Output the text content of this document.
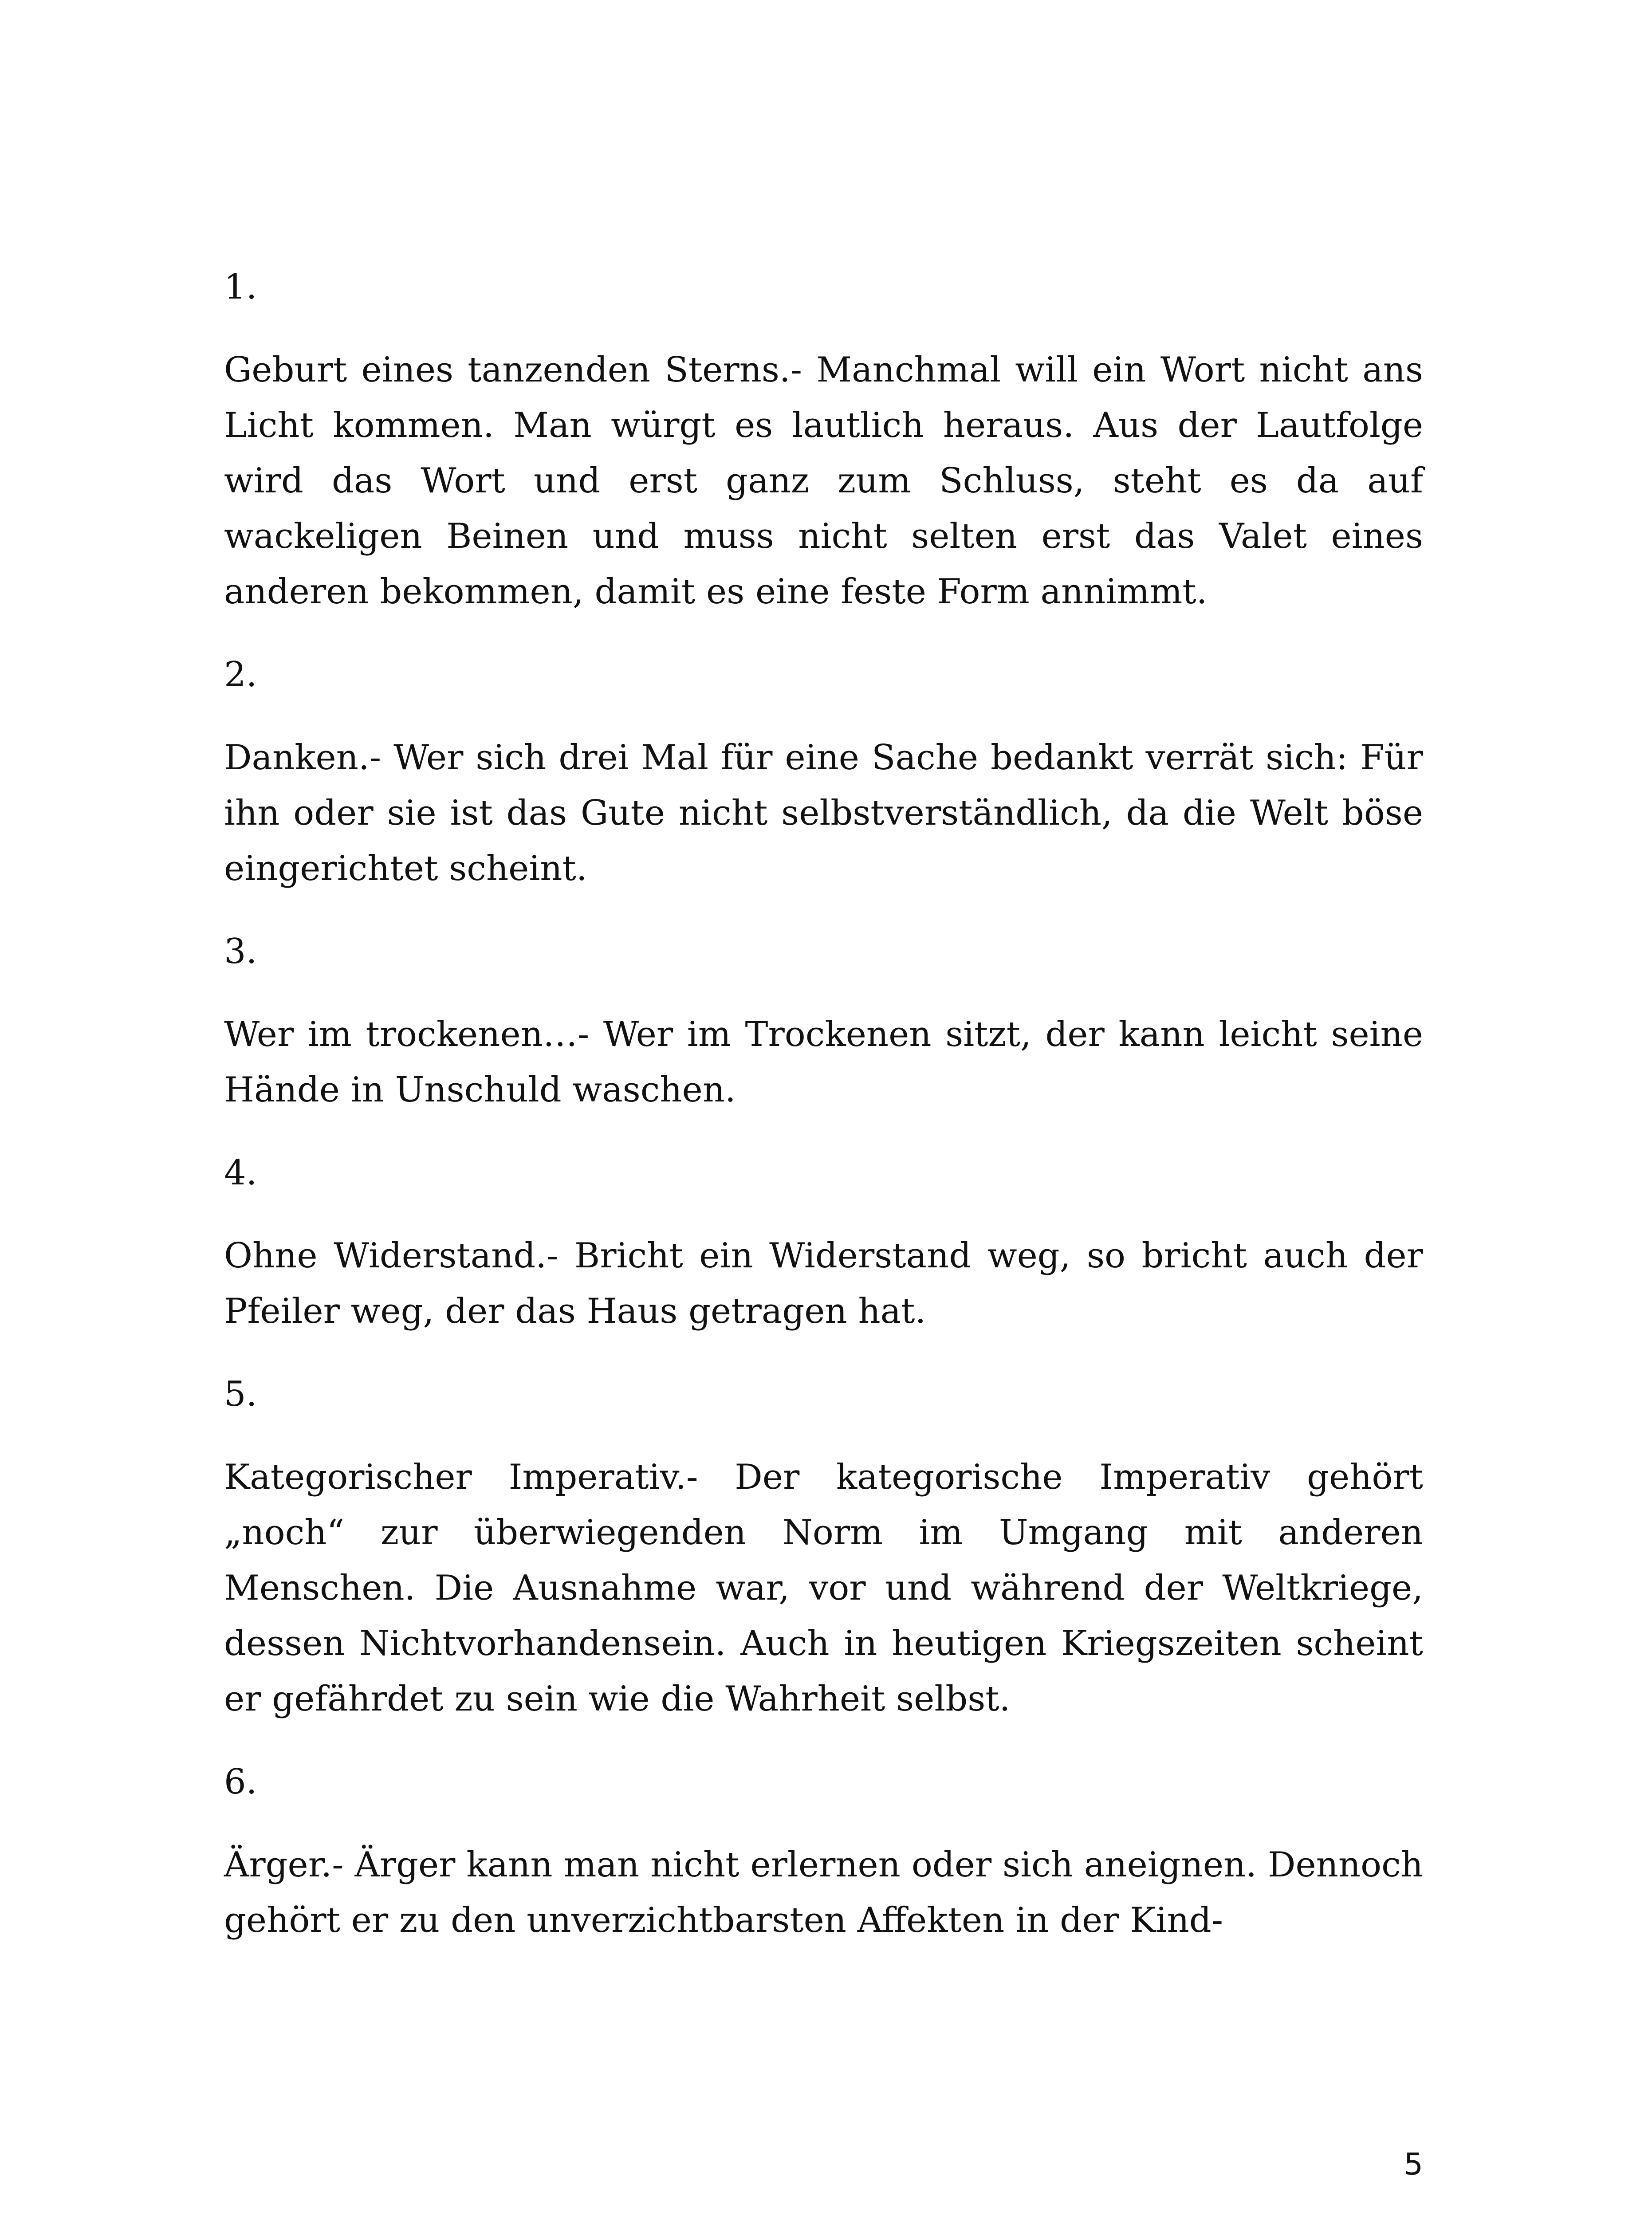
1.
Geburt eines tanzenden Sterns.- Manchmal will ein Wort nicht ans Licht kommen. Man würgt es lautlich heraus. Aus der Lautfolge wird das Wort und erst ganz zum Schluss, steht es da auf wackeligen Beinen und muss nicht selten erst das Valet eines anderen bekommen, damit es eine feste Form annimmt.
2.
Danken.- Wer sich drei Mal für eine Sache bedankt verrät sich: Für ihn oder sie ist das Gute nicht selbstverständlich, da die Welt böse eingerichtet scheint.
3.
Wer im trockenen…- Wer im Trockenen sitzt, der kann leicht seine Hände in Unschuld waschen.
4.
Ohne Widerstand.- Bricht ein Widerstand weg, so bricht auch der Pfeiler weg, der das Haus getragen hat.
5.
Kategorischer Imperativ.- Der kategorische Imperativ gehört „noch“ zur überwiegenden Norm im Umgang mit anderen Menschen. Die Ausnahme war, vor und während der Weltkriege, dessen Nichtvorhandensein. Auch in heutigen Kriegszeiten scheint er gefährdet zu sein wie die Wahrheit selbst.
6.
Ärger.- Ärger kann man nicht erlernen oder sich aneignen. Dennoch gehört er zu den unverzichtbarsten Affekten in der Kind-
5
